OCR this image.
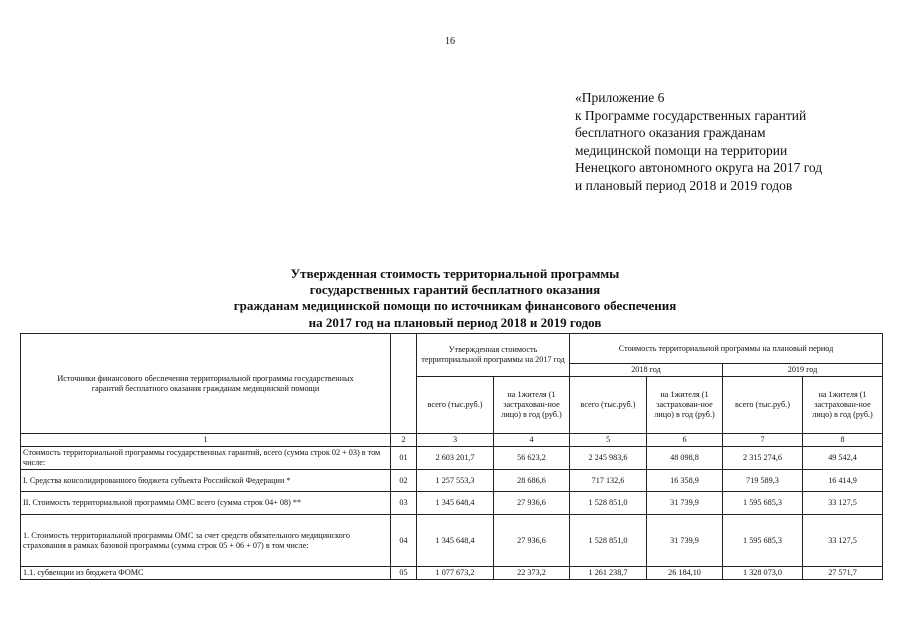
16
«Приложение 6
к Программе государственных гарантий
бесплатного оказания гражданам
медицинской помощи на территории
Ненецкого автономного округа на 2017 год
и плановый период 2018 и 2019 годов
Утвержденная стоимость территориальной программы
государственных гарантий бесплатного оказания
гражданам медицинской помощи по источникам финансового обеспечения
на 2017 год на плановый период 2018 и 2019 годов
Источники финансового обеспечения территориальной программы государственных гарантий бесплатного оказания гражданам медицинской помощи		Утвержденная стоимость территориальной программы на 2017 год		Стоимость территориальной программы на плановый период			
				2018 год		2019 год	
		всего (тыс.руб.)	на 1жителя (1 застрахован-ное лицо) в год (руб.)	всего (тыс.руб.)	на 1жителя (1 застрахован-ное лицо) в год (руб.)	всего (тыс.руб.)	на 1жителя (1 застрахован-ное лицо) в год (руб.)
1	2	3	4	5	6	7	8
Стоимость территориальной программы государственных гарантий, всего (сумма строк 02 + 03) в том числе:	01	2 603 201,7	56 623,2	2 245 983,6	48 098,8	2 315 274,6	49 542,4
I. Средства консолидированного бюджета субъекта Российской Федерации *	02	1 257 553,3	28 686,6	717 132,6	16 358,9	719 589,3	16 414,9
II. Стоимость территориальной программы ОМС всего (сумма строк 04+ 08) **	03	1 345 648,4	27 936,6	1 528 851,0	31 739,9	1 595 685,3	33 127,5
1. Стоимость территориальной программы ОМС за счет средств обязательного медицинского страхования в рамках базовой программы (сумма строк 05 + 06 + 07) в том числе:	04	1 345 648,4	27 936,6	1 528 851,0	31 739,9	1 595 685,3	33 127,5
1.1. субвенции из бюджета ФОМС	05	1 077 673,2	22 373,2	1 261 238,7	26 184,10	1 328 073,0	27 571,7
